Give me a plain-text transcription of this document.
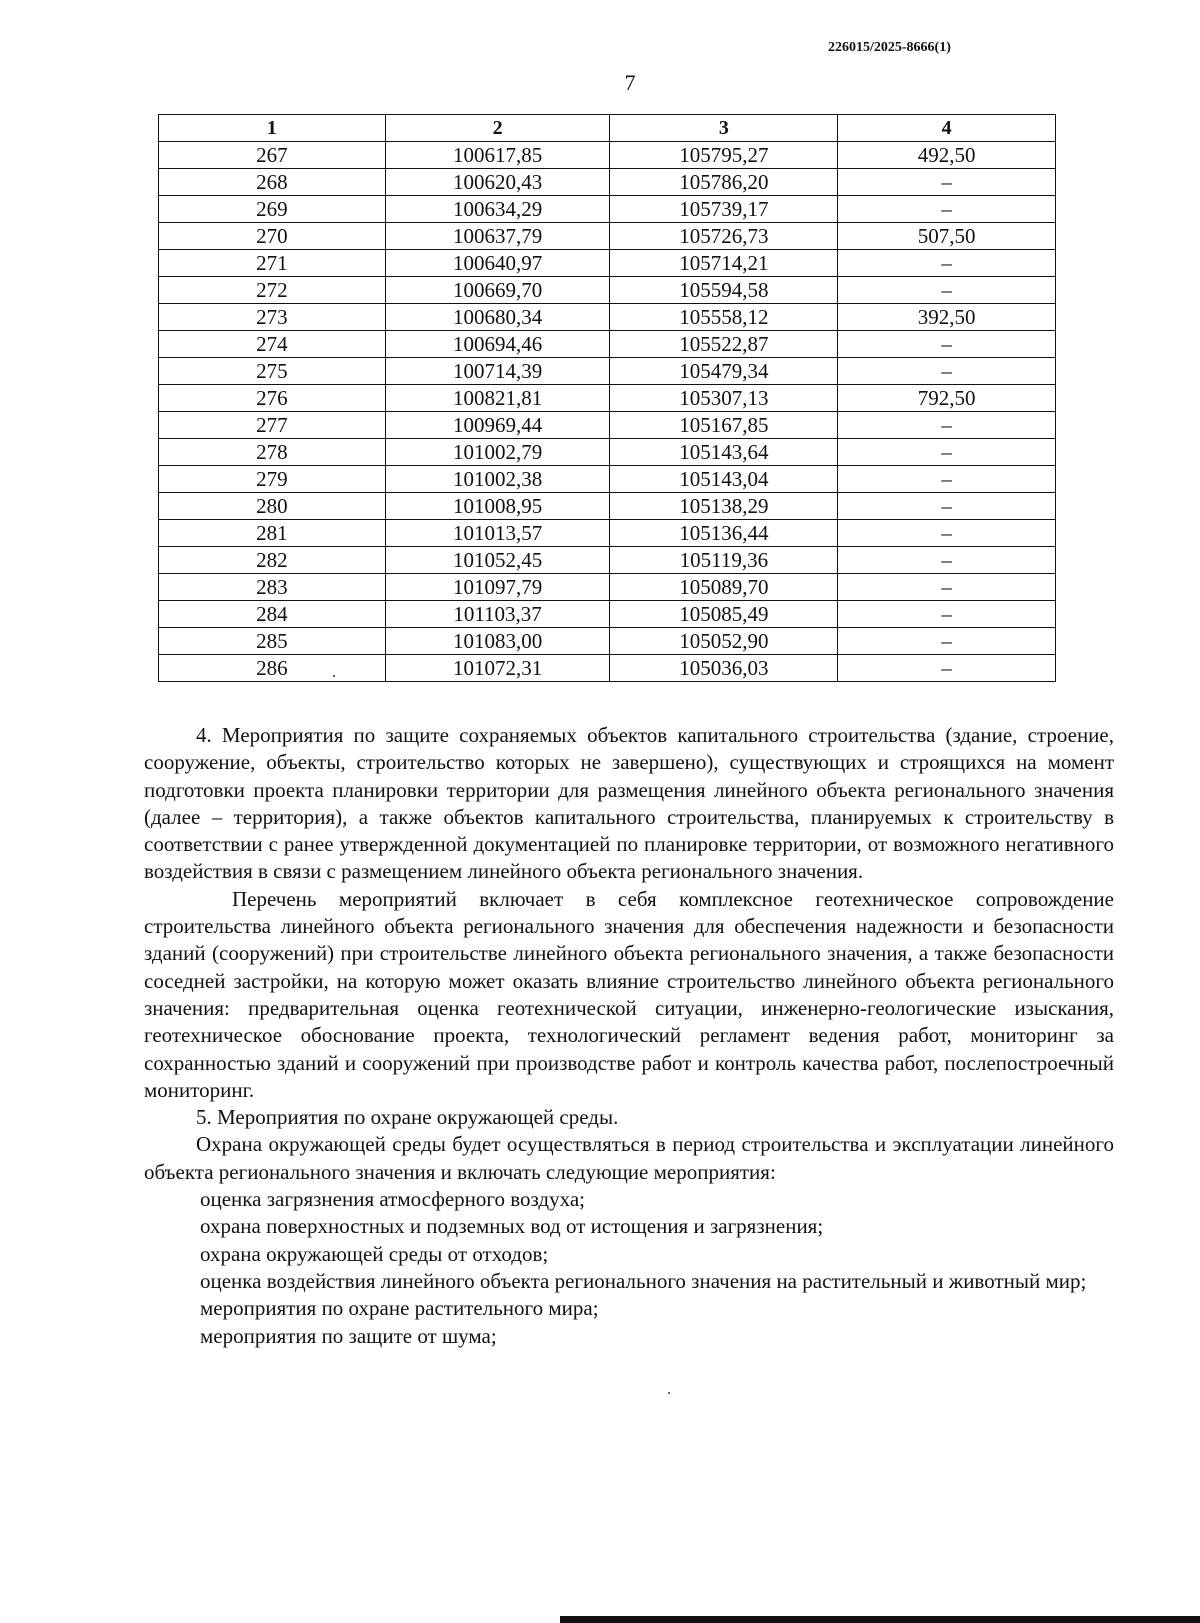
226015/2025-8666(1)
7
1	2	3	4
267	100617,85	105795,27	492,50
268	100620,43	105786,20	–
269	100634,29	105739,17	–
270	100637,79	105726,73	507,50
271	100640,97	105714,21	–
272	100669,70	105594,58	–
273	100680,34	105558,12	392,50
274	100694,46	105522,87	–
275	100714,39	105479,34	–
276	100821,81	105307,13	792,50
277	100969,44	105167,85	–
278	101002,79	105143,64	–
279	101002,38	105143,04	–
280	101008,95	105138,29	–
281	101013,57	105136,44	–
282	101052,45	105119,36	–
283	101097,79	105089,70	–
284	101103,37	105085,49	–
285	101083,00	105052,90	–
286	101072,31	105036,03	–

4. Мероприятия по защите сохраняемых объектов капитального строительства (здание, строение, сооружение, объекты, строительство которых не завершено), существующих и строящихся на момент подготовки проекта планировки территории для размещения линейного объекта регионального значения (далее – территория), а также объектов капитального строительства, планируемых к строительству в соответствии с ранее утвержденной документацией по планировке территории, от возможного негативного воздействия в связи с размещением линейного объекта регионального значения.

Перечень мероприятий включает в себя комплексное геотехническое сопровождение строительства линейного объекта регионального значения для обеспечения надежности и безопасности зданий (сооружений) при строительстве линейного объекта регионального значения, а также безопасности соседней застройки, на которую может оказать влияние строительство линейного объекта регионального значения: предварительная оценка геотехнической ситуации, инженерно-геологические изыскания, геотехническое обоснование проекта, технологический регламент ведения работ, мониторинг за сохранностью зданий и сооружений при производстве работ и контроль качества работ, послепостроечный мониторинг.

5. Мероприятия по охране окружающей среды.

Охрана окружающей среды будет осуществляться в период строительства и эксплуатации линейного объекта регионального значения и включать следующие мероприятия:

оценка загрязнения атмосферного воздуха;

охрана поверхностных и подземных вод от истощения и загрязнения;

охрана окружающей среды от отходов;

оценка воздействия линейного объекта регионального значения на растительный и животный мир;

мероприятия по охране растительного мира;

мероприятия по защите от шума;
